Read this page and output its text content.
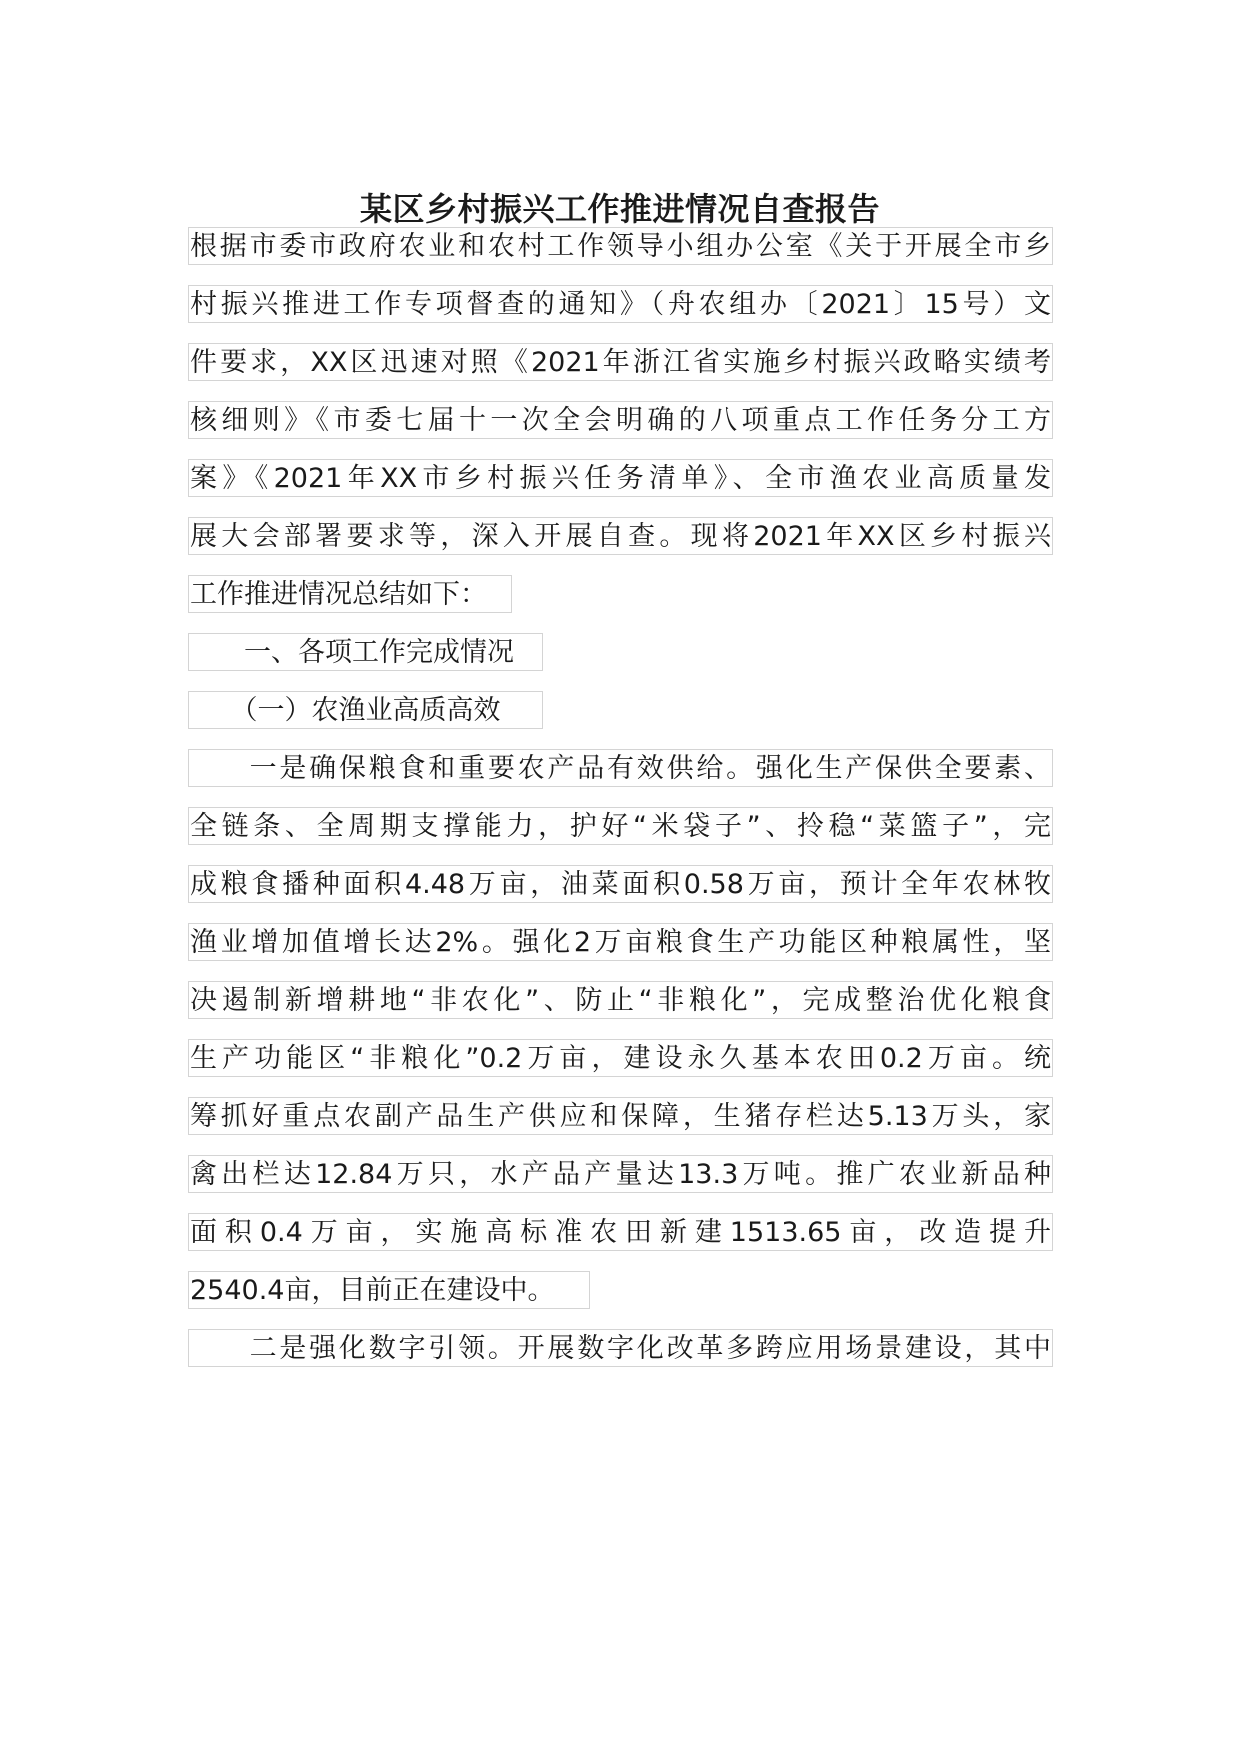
某区乡村振兴工作推进情况自查报告
根据市委市政府农业和农村工作领导小组办公室《关于开展全市乡
村振兴推进工作专项督查的通知》（舟农组办〔2021〕15号）文
件要求，XX区迅速对照《2021年浙江省实施乡村振兴政略实绩考
核细则》《市委七届十一次全会明确的八项重点工作任务分工方
案》《2021年XX市乡村振兴任务清单》、全市渔农业高质量发
展大会部署要求等，深入开展自查。现将2021年XX区乡村振兴
工作推进情况总结如下：
　　一、各项工作完成情况
　　（一）农渔业高质高效
　　一是确保粮食和重要农产品有效供给。强化生产保供全要素、
全链条、全周期支撑能力，护好“米袋子”、拎稳“菜篮子”，完
成粮食播种面积4.48万亩，油菜面积0.58万亩，预计全年农林牧
渔业增加值增长达2%。强化2万亩粮食生产功能区种粮属性，坚
决遏制新增耕地“非农化”、防止“非粮化”，完成整治优化粮食
生产功能区“非粮化”0.2万亩，建设永久基本农田0.2万亩。统
筹抓好重点农副产品生产供应和保障，生猪存栏达5.13万头，家
禽出栏达12.84万只，水产品产量达13.3万吨。推广农业新品种
面积0.4万亩，实施高标准农田新建1513.65亩，改造提升
2540.4亩，目前正在建设中。
　　二是强化数字引领。开展数字化改革多跨应用场景建设，其中
